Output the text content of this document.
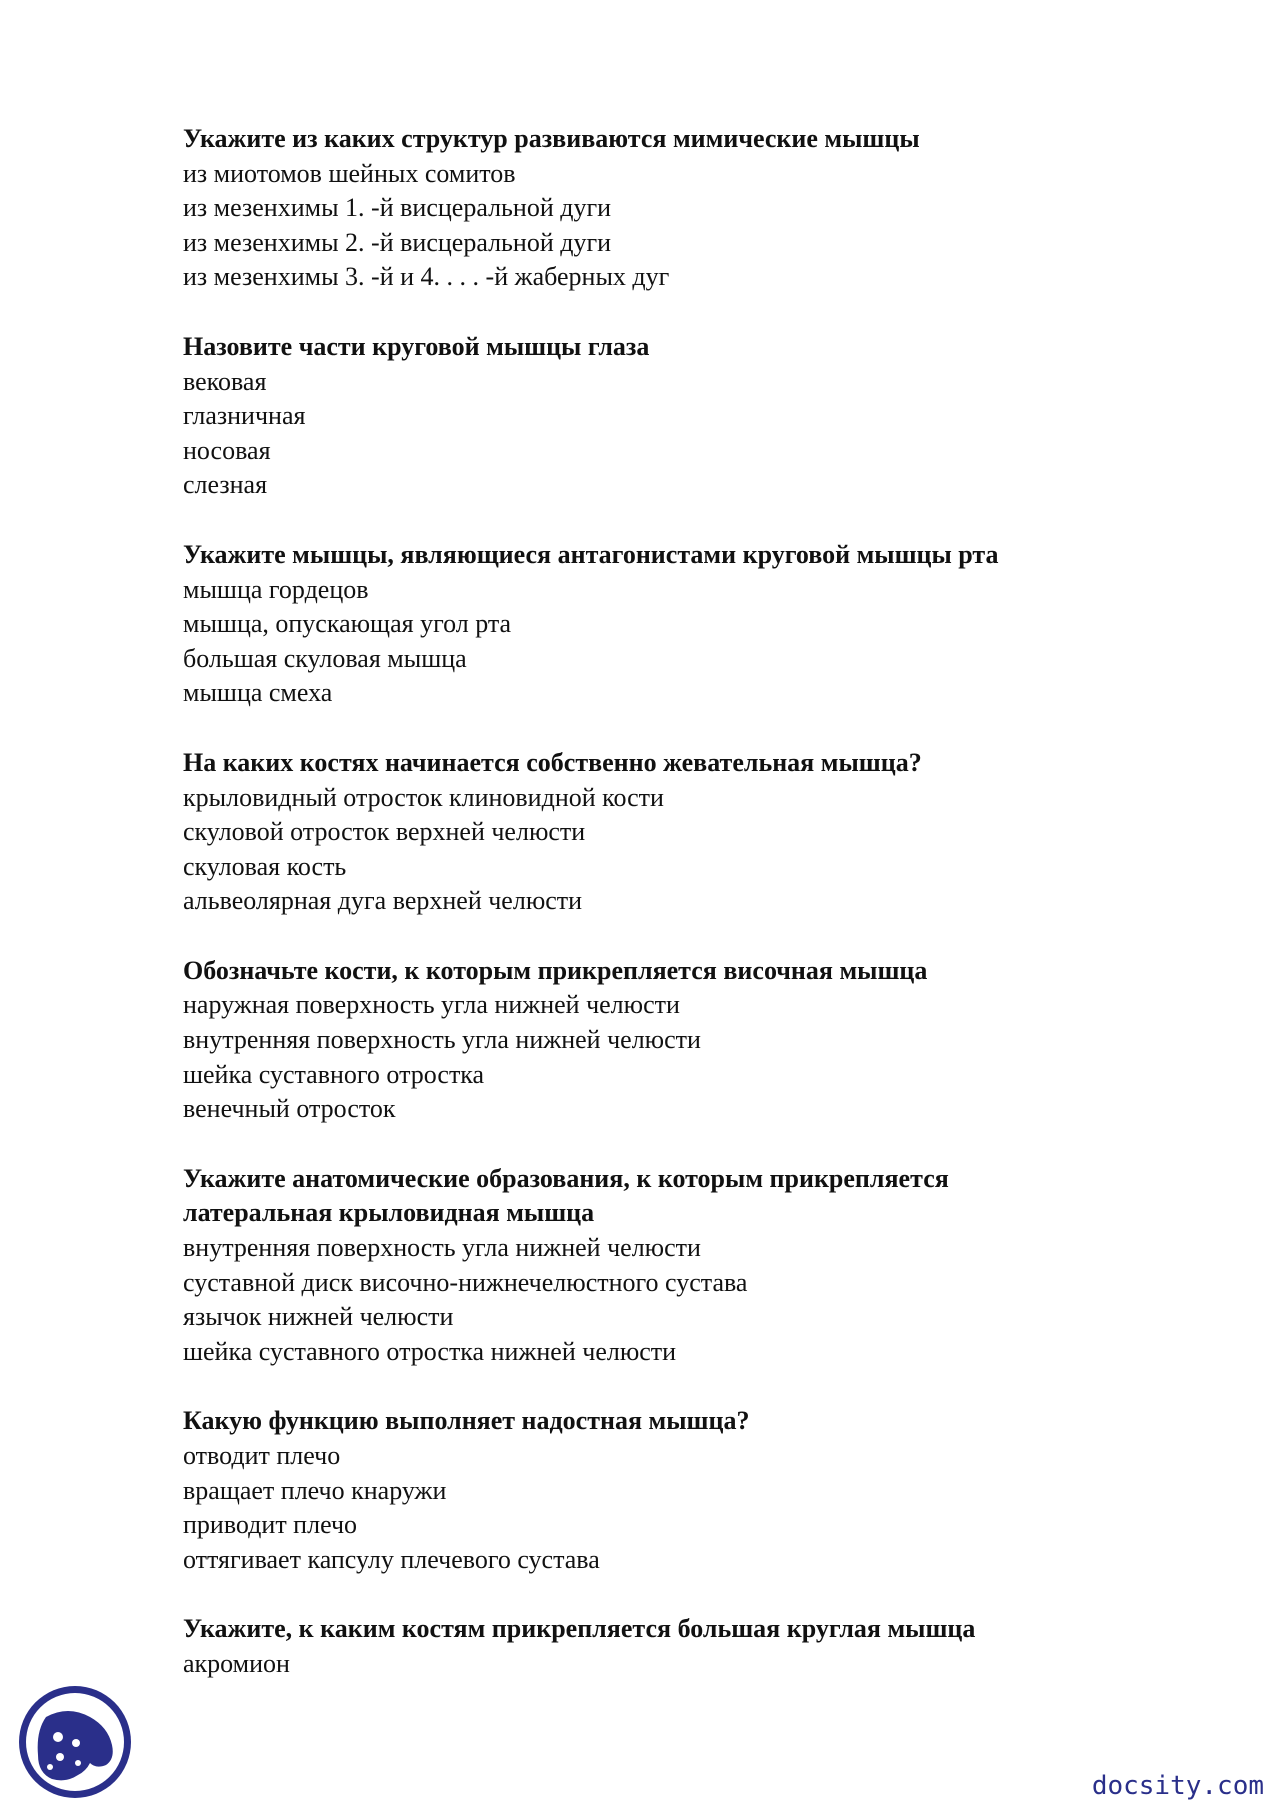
Укажите из каких структур развиваются мимические мышцы

из миотомов шейных сомитов
из мезенхимы 1. -й висцеральной дуги
из мезенхимы 2. -й висцеральной дуги
из мезенхимы 3. -й и 4. . . . -й жаберных дуг

Назовите части круговой мышцы глаза

вековая
глазничная
носовая
слезная

Укажите мышцы, являющиеся антагонистами круговой мышцы рта

мышца гордецов
мышца, опускающая угол рта
большая скуловая мышца
мышца смеха

На каких костях начинается собственно жевательная мышца?

крыловидный отросток клиновидной кости
скуловой отросток верхней челюсти
скуловая кость
альвеолярная дуга верхней челюсти

Обозначьте кости, к которым прикрепляется височная мышца

наружная поверхность угла нижней челюсти
внутренняя поверхность угла нижней челюсти
шейка суставного отростка
венечный отросток

Укажите анатомические образования, к которым прикрепляется

латеральная крыловидная мышца

внутренняя поверхность угла нижней челюсти
суставной диск височно-нижнечелюстного сустава
язычок нижней челюсти
шейка суставного отростка нижней челюсти

Какую функцию выполняет надостная мышца?

отводит плечо
вращает плечо кнаружи
приводит плечо
оттягивает капсулу плечевого сустава

Укажите, к каким костям прикрепляется большая круглая мышца

акромион
docsity.com
